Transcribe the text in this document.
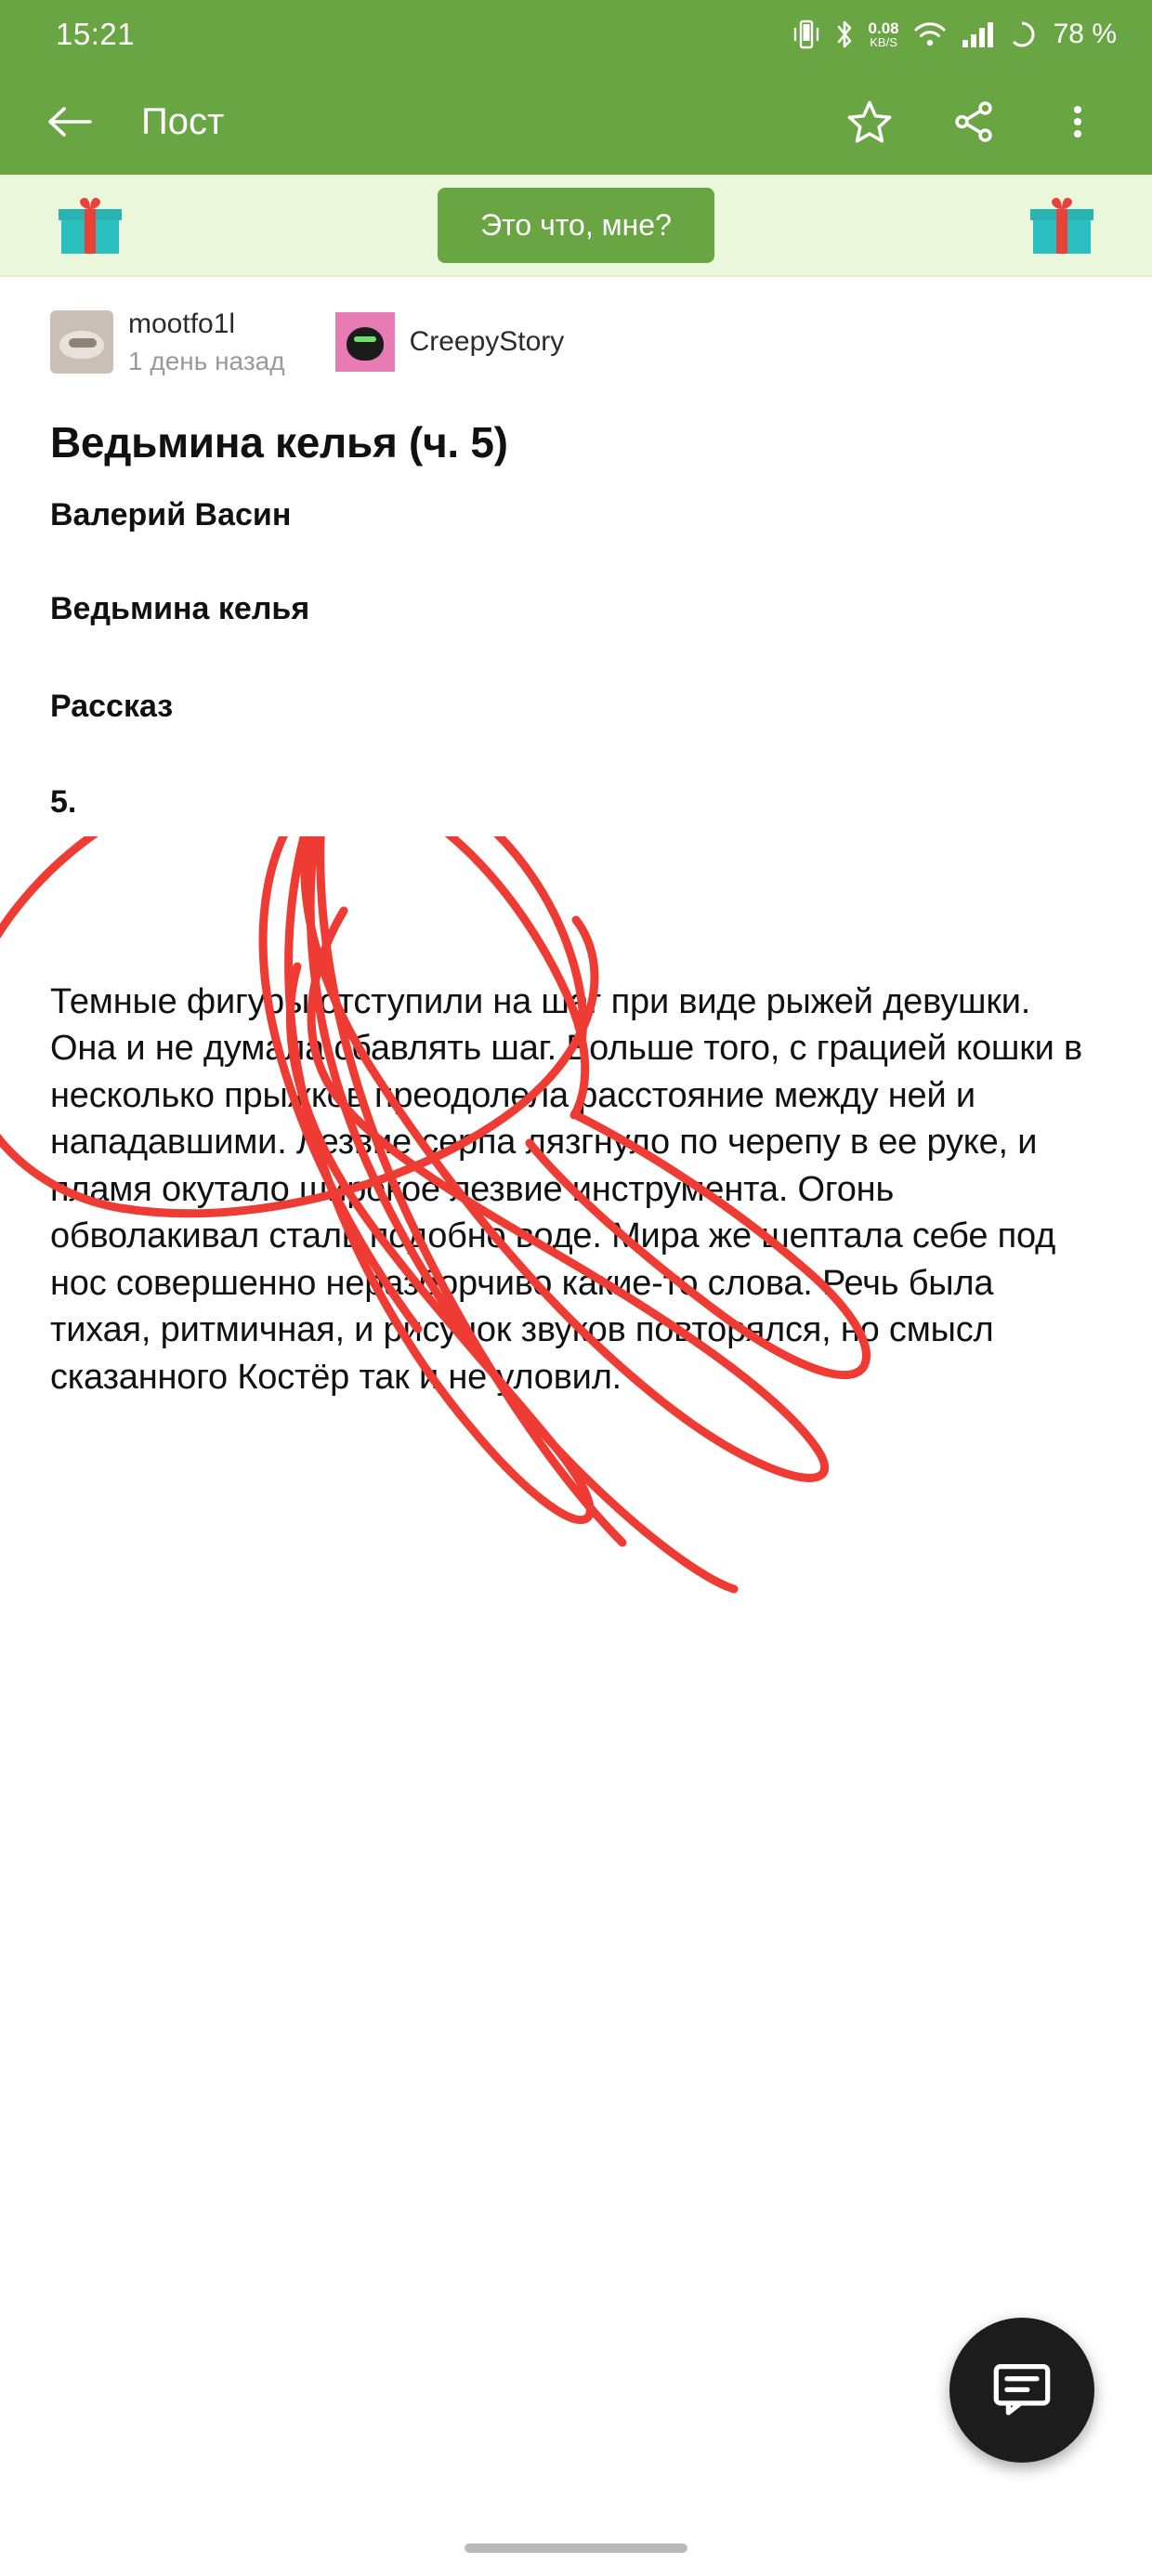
15:21	0.08
KB/S	78 %
Пост
Это что, мне?
mootfo1l
1 день назад
CreepyStory
Ведьмина келья (ч. 5)
Валерий Васин
Ведьмина келья
Рассказ
5.
Темные фигуры отступили на шаг при виде рыжей девушки. Она и не думала сбавлять шаг. Больше того, с грацией кошки в несколько прыжков преодолела расстояние между ней и нападавшими. Лезвие серпа лязгнуло по черепу в ее руке, и пламя окутало широкое лезвие инструмента. Огонь обволакивал сталь подобно воде. Мира же шептала себе под нос совершенно неразборчиво какие-то слова. Речь была тихая, ритмичная, и рисунок звуков повторялся, но смысл сказанного Костёр так и не уловил.
